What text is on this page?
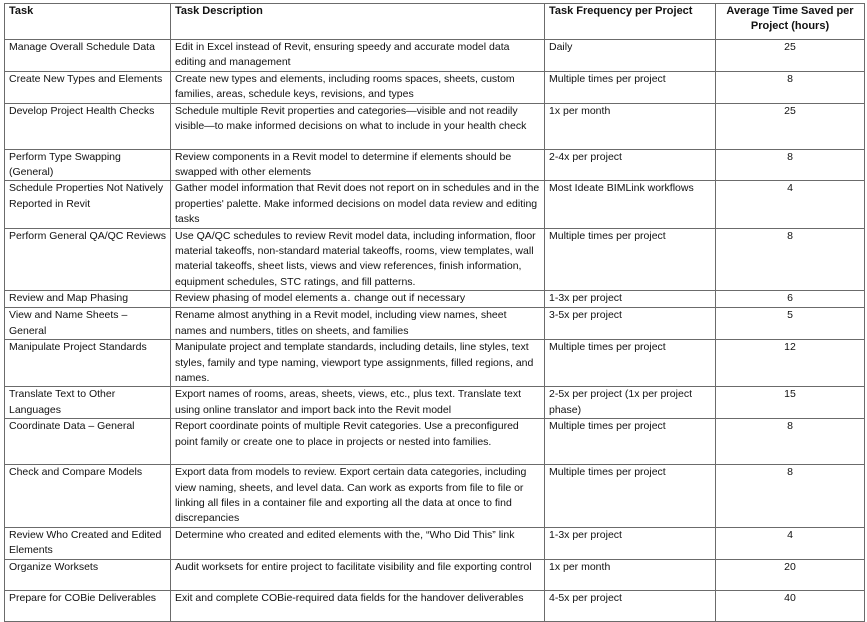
Task	Task Description	Task Frequency per Project	Average Time Saved per Project (hours)
Manage Overall Schedule Data	Edit in Excel instead of Revit, ensuring speedy and accurate model data editing and management	Daily	25
Create New Types and Elements	Create new types and elements, including rooms spaces, sheets, custom families, areas, schedule keys, revisions, and types	Multiple times per project	8
Develop Project Health Checks	Schedule multiple Revit properties and categories—visible and not readily visible—to make informed decisions on what to include in your health check	1x per month	25
Perform Type Swapping (General)	Review components in a Revit model to determine if elements should be swapped with other elements	2-4x per project	8
Schedule Properties Not Natively Reported in Revit	Gather model information that Revit does not report on in schedules and in the properties' palette. Make informed decisions on model data review and editing tasks	Most Ideate BIMLink workflows	4
Perform General QA/QC Reviews	Use QA/QC schedules to review Revit model data, including information, floor material takeoffs, non-standard material takeoffs, rooms, view templates, wall material takeoffs, sheet lists, views and view references, finish information, equipment schedules, STC ratings, and fill patterns.	Multiple times per project	8
Review and Map Phasing	Review phasing of model elements a .  change out if necessary	1-3x per project	6
View and Name Sheets – General	Rename almost anything in a Revit model, including view names, sheet names and numbers, titles on sheets, and families	3-5x per project	5
Manipulate Project Standards	Manipulate project and template standards, including details, line styles, text styles, family and type naming, viewport type assignments, filled regions, and names.	Multiple times per project	12
Translate Text to Other Languages	Export names of rooms, areas, sheets, views, etc., plus text. Translate text using online translator and import back into the Revit model	2-5x per project (1x per project phase)	15
Coordinate Data – General	Report coordinate points of multiple Revit categories. Use a preconfigured point family or create one to place in projects or nested into families.	Multiple times per project	8
Check and Compare Models	Export data from models to review. Export certain data categories, including view naming, sheets, and level data. Can work as exports from file to file or linking all files in a container file and exporting all the data at once to find discrepancies	Multiple times per project	8
Review Who Created and Edited Elements	Determine who created and edited elements with the, “Who Did This” link	1-3x per project	4
Organize Worksets	Audit worksets for entire project to facilitate visibility and file exporting control	1x per month	20
Prepare for COBie Deliverables	Exit and complete COBie-required data fields for the handover deliverables	4-5x per project	40
